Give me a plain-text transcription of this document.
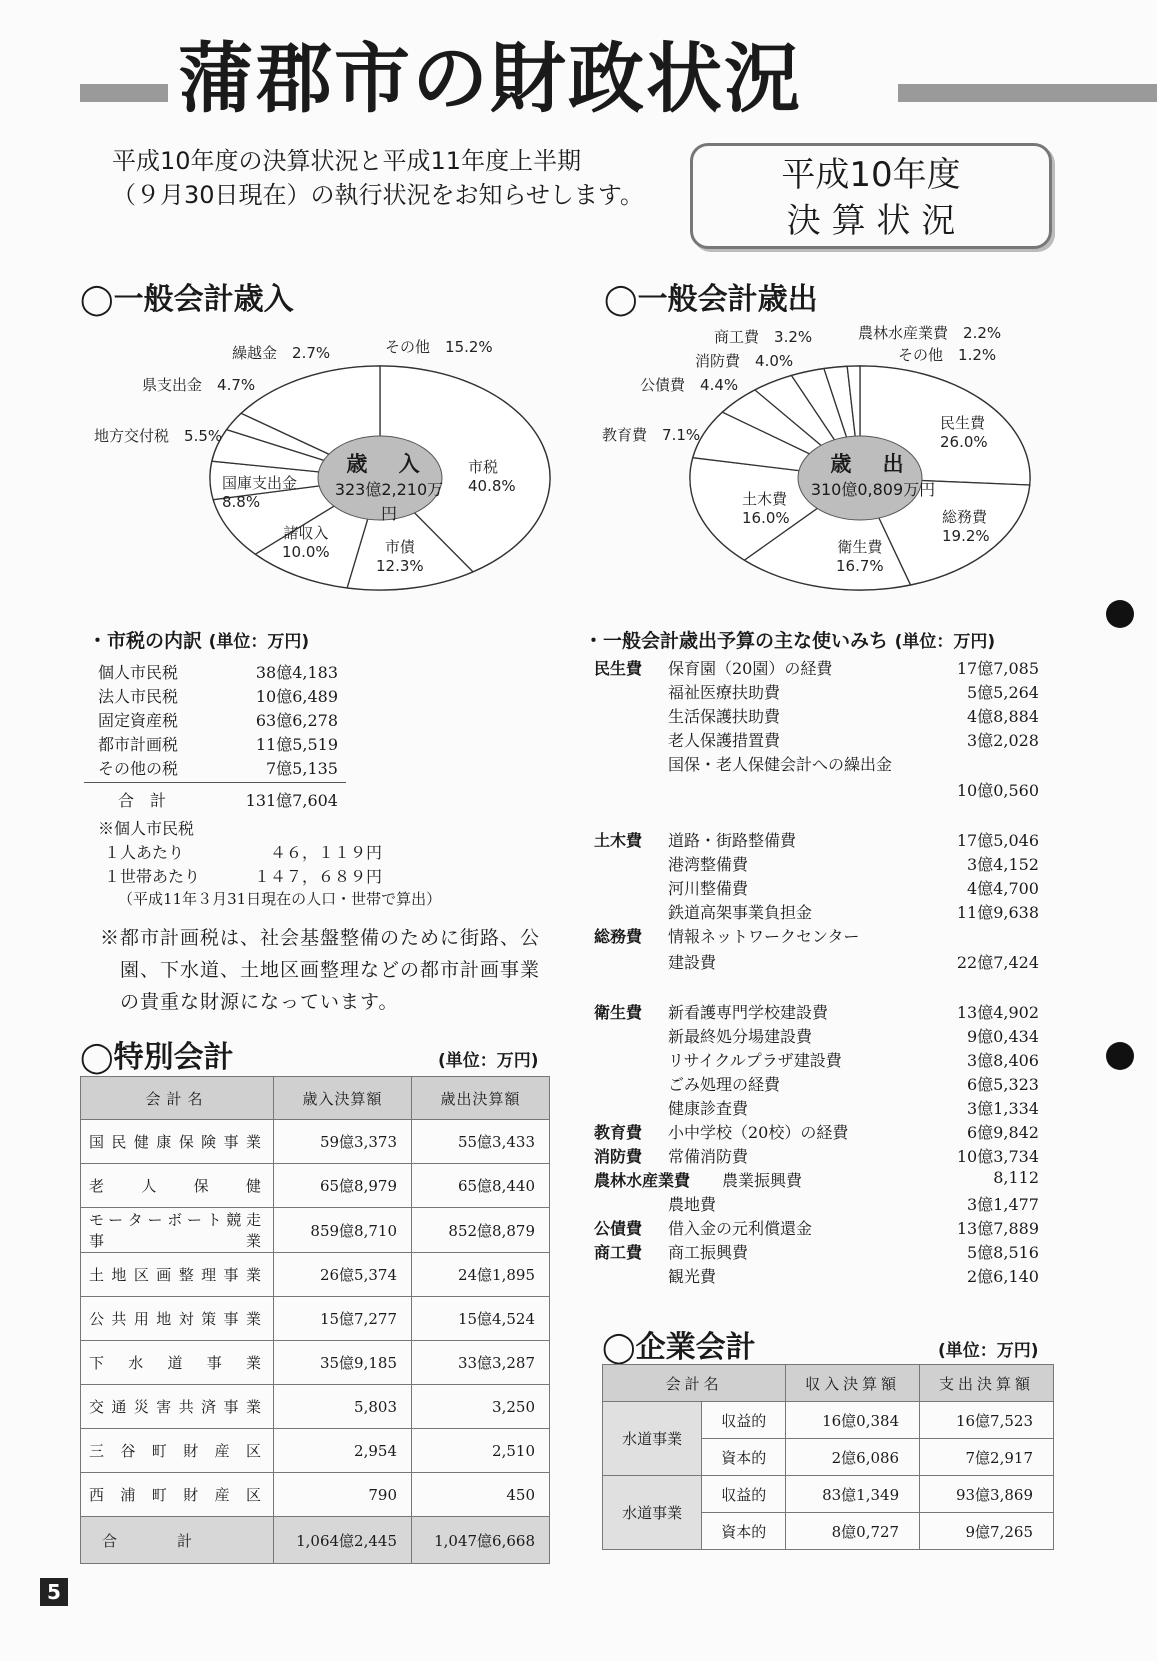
蒲郡市の財政状況
平成10年度の決算状況と平成11年度上半期
（９月30日現在）の執行状況をお知らせします。	平成10年度
決 算 状 況
◯一般会計歳入
歳 入
323億2,210万円
市税
40.8%
市債
12.3%
諸収入
10.0%
国庫支出金
8.8%
地方交付税　 5.5%
県支出金　 4.7%
繰越金　 2.7%	その他　 15.2%
◯一般会計歳出
歳 出
310億0,809万円
民生費
26.0%
総務費
19.2%
衛生費
16.7%
土木費
16.0%
教育費　 7.1%
公債費　 4.4%
消防費　 4.0%
商工費　 3.2%	農林水産業費　 2.2%
その他　 1.2%
・市税の内訳 (単位：万円)
個人市民税	38億4,183
法人市民税	10億6,489
固定資産税	63億6,278
都市計画税	11億5,519
その他の税	7億5,135
合　計	131億7,604
※個人市民税
１人あたり	４６，１１９円
１世帯あたり	１４７，６８９円
（平成11年３月31日現在の人口・世帯で算出）
※都市計画税は、社会基盤整備のために街路、公
　園、下水道、土地区画整理などの都市計画事業
　の貴重な財源になっています。
・一般会計歳出予算の主な使いみち (単位：万円)
民生費 保育園（20園）の経費	17億7,085
福祉医療扶助費	5億5,264
生活保護扶助費	4億8,884
老人保護措置費	3億2,028
国保・老人保健会計への繰出金
10億0,560
土木費 道路・街路整備費	17億5,046
港湾整備費	3億4,152
河川整備費	4億4,700
鉄道高架事業負担金	11億9,638
総務費 情報ネットワークセンター
建設費	22億7,424
衛生費 新看護専門学校建設費	13億4,902
新最終処分場建設費	9億0,434
リサイクルプラザ建設費	3億8,406
ごみ処理の経費	6億5,323
健康診査費	3億1,334
教育費 小中学校（20校）の経費	6億9,842
消防費 常備消防費	10億3,734
農林水産業費 農業振興費	8,112
農地費	3億1,477
公債費 借入金の元利償還金	13億7,889
商工費 商工振興費	5億8,516
観光費	2億6,140
◯特別会計	(単位：万円)
会計名	歳入決算額	歳出決算額
国民健康保険事業	59億3,373	55億3,433
老人保健	65億8,979	65億8,440
モーターボート競走事業	859億8,710	852億8,879
土地区画整理事業	26億5,374	24億1,895
公共用地対策事業	15億7,277	15億4,524
下水道事業	35億9,185	33億3,287
交通災害共済事業	5,803	3,250
三谷町財産区	2,954	2,510
西浦町財産区	790	450
合計	1,064億2,445	1,047億6,668
◯企業会計	(単位：万円)
会計名		収入決算額	支出決算額
水道事業	収益的	16億0,384	16億7,523
	資本的	2億6,086	7億2,917
水道事業	収益的	83億1,349	93億3,869
	資本的	8億0,727	9億7,265
5
